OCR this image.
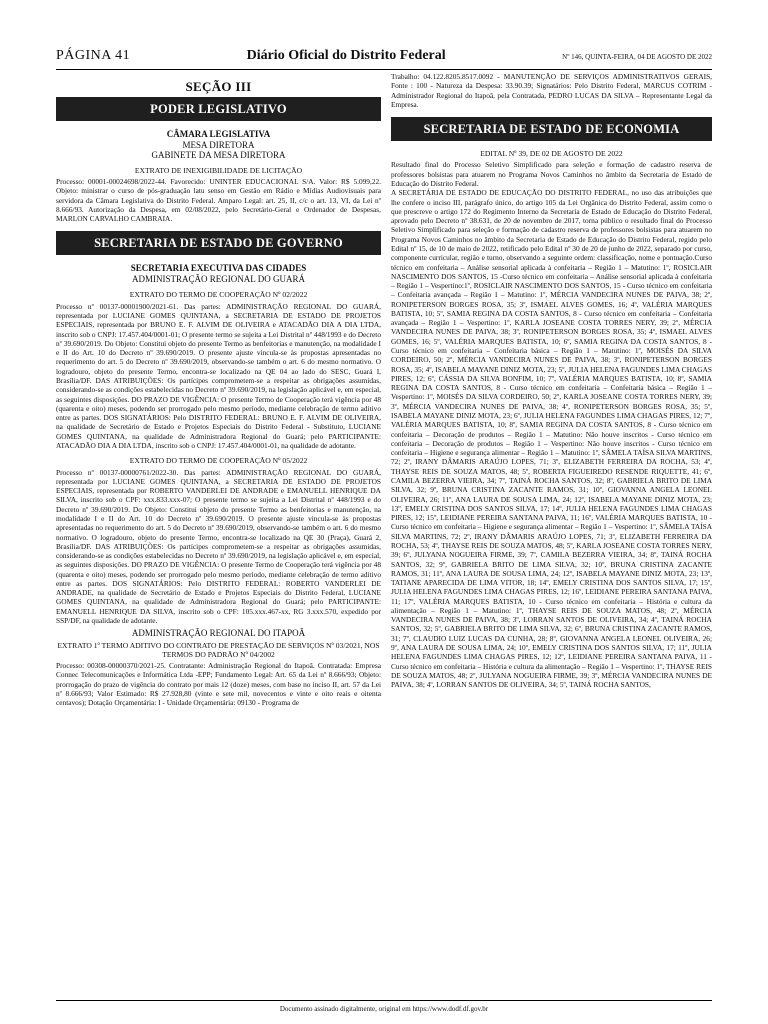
PÁGINA 41	Diário Oficial do Distrito Federal	Nº 146, QUINTA-FEIRA, 04 DE AGOSTO DE 2022
SEÇÃO III
PODER LEGISLATIVO
CÂMARA LEGISLATIVA
MESA DIRETORA
GABINETE DA MESA DIRETORA
EXTRATO DE INEXIGIBILIDADE DE LICITAÇÃO

Processo: 00001-00024698/2022-44. Favorecido: UNINTER EDUCACIONAL S/A. Valor: R$ 5.099,22. Objeto: ministrar o curso de pós-graduação latu senso em Gestão em Rádio e Mídias Audiovisuais para servidora da Câmara Legislativa do Distrito Federal. Amparo Legal: art. 25, II, c/c o art. 13, VI, da Lei nº 8.666/93. Autorização da Despesa, em 02/08/2022, pelo Secretário-Geral e Ordenador de Despesas, MARLON CARVALHO CAMBRAIA.

SECRETARIA DE ESTADO DE GOVERNO
SECRETARIA EXECUTIVA DAS CIDADES
ADMINISTRAÇÃO REGIONAL DO GUARÁ
EXTRATO DO TERMO DE COOPERAÇÃO Nº 02/2022

Processo nº 00137-00001900/2021-61. Das partes: ADMINISTRAÇÃO REGIONAL DO GUARÁ, representada por LUCIANE GOMES QUINTANA, a SECRETARIA DE ESTADO DE PROJETOS ESPECIAIS, representada por BRUNO E. F. ALVIM DE OLIVEIRA e ATACADÃO DIA A DIA LTDA, inscrito sob o CNPJ: 17.457.404/0001-01; O presente termo se sujeita a Lei Distrital nº 448/1993 e do Decreto nº 39.690/2019. Do Objeto: Constitui objeto do presente Termo as benfeitorias e manutenção, na modalidade I e II do Art. 10 do Decreto nº 39.690/2019. O presente ajuste vincula-se às propostas apresentadas no requerimento do art. 5 do Decreto nº 39.690/2019, observando-se também o art. 6 do mesmo normativo. O logradouro, objeto do presente Termo, encontra-se localizado na QE 04 ao lado do SESC, Guará I, Brasília/DF. DAS ATRIBUIÇÕES: Os partícipes comprometem-se a respeitar as obrigações assumidas, considerando-se as condições estabelecidas no Decreto nº 39.690/2019, na legislação aplicável e, em especial, as seguintes disposições. DO PRAZO DE VIGÊNCIA: O presente Termo de Cooperação terá vigência por 48 (quarenta e oito) meses, podendo ser prorrogado pelo mesmo período, mediante celebração de termo aditivo entre as partes. DOS SIGNATÁRIOS: Pelo DISTRITO FEDERAL: BRUNO E. F. ALVIM DE OLIVEIRA, na qualidade de Secretário de Estado e Projetos Especiais do Distrito Federal - Substituto, LUCIANE GOMES QUINTANA, na qualidade de Administradora Regional do Guará; pelo PARTICIPANTE: ATACADÃO DIA A DIA LTDA, inscrito sob o CNPJ: 17.457.404/0001-01, na qualidade de adotante.

EXTRATO DO TERMO DE COOPERAÇÃO Nº 05/2022

Processo nº 00137-00000761/2022-30. Das partes: ADMINISTRAÇÃO REGIONAL DO GUARÁ, representada por LUCIANE GOMES QUINTANA, a SECRETARIA DE ESTADO DE PROJETOS ESPECIAIS, representada por ROBERTO VANDERLEI DE ANDRADE e EMANUELL HENRIQUE DA SILVA, inscrito sob o CPF: xxx.833.xxx-07; O presente termo se sujeita a Lei Distrital nº 448/1993 e do Decreto nº 39.690/2019. Do Objeto: Constitui objeto do presente Termo as benfeitorias e manutenção, na modalidade I e II do Art. 10 do Decreto nº 39.690/2019. O presente ajuste vincula-se às propostas apresentadas no requerimento do art. 5 do Decreto nº 39.690/2019, observando-se também o art. 6 do mesmo normativo. O logradouro, objeto do presente Termo, encontra-se localizado na QE 30 (Praça), Guará 2, Brasília/DF. DAS ATRIBUIÇÕES: Os partícipes comprometem-se a respeitar as obrigações assumidas, considerando-se as condições estabelecidas no Decreto nº 39.690/2019, na legislação aplicável e, em especial, as seguintes disposições. DO PRAZO DE VIGÊNCIA: O presente Termo de Cooperação terá vigência por 48 (quarenta e oito) meses, podendo ser prorrogado pelo mesmo período, mediante celebração de termo aditivo entre as partes. DOS SIGNATÁRIOS: Pelo DISTRITO FEDERAL: ROBERTO VANDERLEI DE ANDRADE, na qualidade de Secretário de Estado e Projetos Especiais do Distrito Federal, LUCIANE GOMES QUINTANA, na qualidade de Administradora Regional do Guará; pelo PARTICIPANTE: EMANUELL HENRIQUE DA SILVA, inscrito sob o CPF: 105.xxx.467-xx, RG 3.xxx.570, expedido por SSP/DF, na qualidade de adotante.

ADMINISTRAÇÃO REGIONAL DO ITAPOÃ
EXTRATO 1º TERMO ADITIVO DO CONTRATO DE PRESTAÇÃO DE SERVIÇOS Nº 03/2021, NOS TERMOS DO PADRÃO Nº 04/2002

Processo: 00308-00000370/2021-25. Contratante: Administração Regional do Itapoã. Contratada: Empresa Connec Telecomunicações e Informática Ltda -EPP; Fundamento Legal: Art. 65 da Lei nº 8.666/93; Objeto: prorrogação do prazo de vigência do contrato por mais 12 (doze) meses, com base no inciso II, art. 57 da Lei nº 8.666/93; Valor Estimado: R$ 27.928,80 (vinte e sete mil, novecentos e vinte e oito reais e oitenta centavos); Dotação Orçamentária: I - Unidade Orçamentária: 09130 - Programa de

Trabalho: 04.122.8205.8517.0092 - MANUTENÇÃO DE SERVIÇOS ADMINISTRATIVOS GERAIS, Fonte : 100 - Natureza da Despesa: 33.90.39; Signatários: Pelo Distrito Federal, MARCUS COTRIM - Administrador Regional do Itapoã, pela Contratada, PEDRO LUCAS DA SILVA – Representante Legal da Empresa.

SECRETARIA DE ESTADO DE ECONOMIA
EDITAL Nº 39, DE 02 DE AGOSTO DE 2022

Resultado final do Processo Seletivo Simplificado para seleção e formação de cadastro reserva de professores bolsistas para atuarem no Programa Novos Caminhos no âmbito da Secretaria de Estado de Educação do Distrito Federal.

A SECRETÁRIA DE ESTADO DE EDUCAÇÃO DO DISTRITO FEDERAL, no uso das atribuições que lhe confere o inciso III, parágrafo único, do artigo 105 da Lei Orgânica do Distrito Federal, assim como o que prescreve o artigo 172 do Regimento Interno da Secretaria de Estado de Educação do Distrito Federal, aprovado pelo Decreto nº 38.631, de 20 de novembro de 2017, torna público o resultado final do Processo Seletivo Simplificado para seleção e formação de cadastro reserva de professores bolsistas para atuarem no Programa Novos Caminhos no âmbito da Secretaria de Estado de Educação do Distrito Federal, regido pelo Edital nº 15, de 10 de maio de 2022, retificado pelo Edital nº 30 de 20 de junho de 2022, separado por curso, componente curricular, região e turno, observando a seguinte ordem: classificação, nome e pontuação.Curso técnico em confeitaria – Análise sensorial aplicada à confeitaria – Região 1 – Matutino: 1º, ROSICLAIR NASCIMENTO DOS SANTOS, 15 -Curso técnico em confeitaria – Análise sensorial aplicada à confeitaria – Região 1 – Vespertino:1º, ROSICLAIR NASCIMENTO DOS SANTOS, 15 - Curso técnico em confeitaria – Confeitaria avançada – Região 1 – Matutino: 1º, MÉRCIA VANDECIRA NUNES DE PAIVA, 38; 2º, RONIPETERSON BORGES ROSA, 35; 3º, ISMAEL ALVES GOMES, 16; 4º, VALÉRIA MARQUES BATISTA, 10; 5º, SAMIA REGINA DA COSTA SANTOS, 8 - Curso técnico em confeitaria – Confeitaria avançada – Região 1 – Vespertino: 1º, KARLA JOSEANE COSTA TORRES NERY, 39; 2º, MÉRCIA VANDECIRA NUNES DE PAIVA, 38; 3º, RONIPETERSON BORGES ROSA, 35; 4º, ISMAEL ALVES GOMES, 16; 5º, VALÉRIA MARQUES BATISTA, 10; 6º, SAMIA REGINA DA COSTA SANTOS, 8 - Curso técnico em confeitaria – Confeitaria básica – Região 1 – Matutino: 1º, MOISÉS DA SILVA CORDEIRO, 50; 2º, MÉRCIA VANDECIRA NUNES DE PAIVA, 38; 3º, RONIPETERSON BORGES ROSA, 35; 4º, ISABELA MAYANE DINIZ MOTA, 23; 5º, JULIA HELENA FAGUNDES LIMA CHAGAS PIRES, 12; 6º, CÁSSIA DA SILVA BONFIM, 10; 7º, VALÉRIA MARQUES BATISTA, 10; 8º, SAMIA REGINA DA COSTA SANTOS, 8 - Curso técnico em confeitaria – Confeitaria básica – Região 1 – Vespertino: 1º, MOISÉS DA SILVA CORDEIRO, 50; 2º, KARLA JOSEANE COSTA TORRES NERY, 39; 3º, MÉRCIA VANDECIRA NUNES DE PAIVA, 38; 4º, RONIPETERSON BORGES ROSA, 35; 5º, ISABELA MAYANE DINIZ MOTA, 23; 6º, JULIA HELENA FAGUNDES LIMA CHAGAS PIRES, 12; 7º, VALÉRIA MARQUES BATISTA, 10; 8º, SAMIA REGINA DA COSTA SANTOS, 8 - Curso técnico em confeitaria – Decoração de produtos – Região 1 – Matutino: Não houve inscritos - Curso técnico em confeitaria – Decoração de produtos – Região 1 – Vespertino: Não houve inscritos - Curso técnico em confeitaria – Higiene e segurança alimentar – Região 1 – Matutino: 1º, SÂMELA TAÍSA SILVA MARTINS, 72; 2º, IRANY DÂMARIS ARAÚJO LOPES, 71; 3º, ELIZABETH FERREIRA DA ROCHA, 53; 4º, THAYSE REIS DE SOUZA MATOS, 48; 5º, ROBERTA FIGUEIREDO RESENDE RIQUETTE, 41; 6º, CAMILA BEZERRA VIEIRA, 34; 7º, TAINÁ ROCHA SANTOS, 32; 8º, GABRIELA BRITO DE LIMA SILVA, 32; 9º, BRUNA CRISTINA ZACANTE RAMOS, 31; 10º, GIOVANNA ANGELA LEONEL OLIVEIRA, 26; 11º, ANA LAURA DE SOUSA LIMA, 24; 12º, ISABELA MAYANE DINIZ MOTA, 23; 13º, EMELY CRISTINA DOS SANTOS SILVA, 17; 14º, JULIA HELENA FAGUNDES LIMA CHAGAS PIRES, 12; 15º, LEIDIANE PEREIRA SANTANA PAIVA, 11; 16º, VALÉRIA MARQUES BATISTA, 10 - Curso técnico em confeitaria – Higiene e segurança alimentar – Região 1 – Vespertino: 1º, SÂMELA TAÍSA SILVA MARTINS, 72; 2º, IRANY DÂMARIS ARAÚJO LOPES, 71; 3º, ELIZABETH FERREIRA DA ROCHA, 53; 4º, THAYSE REIS DE SOUZA MATOS, 48; 5º, KARLA JOSEANE COSTA TORRES NERY, 39; 6º, JULYANA NOGUEIRA FIRME, 39; 7º, CAMILA BEZERRA VIEIRA, 34; 8º, TAINÁ ROCHA SANTOS, 32; 9º, GABRIELA BRITO DE LIMA SILVA, 32; 10º, BRUNA CRISTINA ZACANTE RAMOS, 31; 11º, ANA LAURA DE SOUSA LIMA, 24; 12º, ISABELA MAYANE DINIZ MOTA, 23; 13º, TATIANE APARECIDA DE LIMA VITOR, 18; 14º, EMELY CRISTINA DOS SANTOS SILVA, 17; 15º, JULIA HELENA FAGUNDES LIMA CHAGAS PIRES, 12; 16º, LEIDIANE PEREIRA SANTANA PAIVA, 11; 17º, VALÉRIA MARQUES BATISTA, 10 - Curso técnico em confeitaria – História e cultura da alimentação – Região 1 – Matutino: 1º, THAYSE REIS DE SOUZA MATOS, 48; 2º, MÉRCIA VANDECIRA NUNES DE PAIVA, 38; 3º, LORRAN SANTOS DE OLIVEIRA, 34; 4º, TAINÁ ROCHA SANTOS, 32; 5º, GABRIELA BRITO DE LIMA SILVA, 32; 6º, BRUNA CRISTINA ZACANTE RAMOS, 31; 7º, CLAUDIO LUIZ LUCAS DA CUNHA, 28; 8º, GIOVANNA ANGELA LEONEL OLIVEIRA, 26; 9º, ANA LAURA DE SOUSA LIMA, 24; 10º, EMELY CRISTINA DOS SANTOS SILVA, 17; 11º, JULIA HELENA FAGUNDES LIMA CHAGAS PIRES, 12; 12º, LEIDIANE PEREIRA SANTANA PAIVA, 11 - Curso técnico em confeitaria – História e cultura da alimentação – Região 1 – Vespertino: 1º, THAYSE REIS DE SOUZA MATOS, 48; 2º, JULYANA NOGUEIRA FIRME, 39; 3º, MÉRCIA VANDECIRA NUNES DE PAIVA, 38; 4º, LORRAN SANTOS DE OLIVEIRA, 34; 5º, TAINÁ ROCHA SANTOS,

Documento assinado digitalmente, original em https://www.dodf.df.gov.br
